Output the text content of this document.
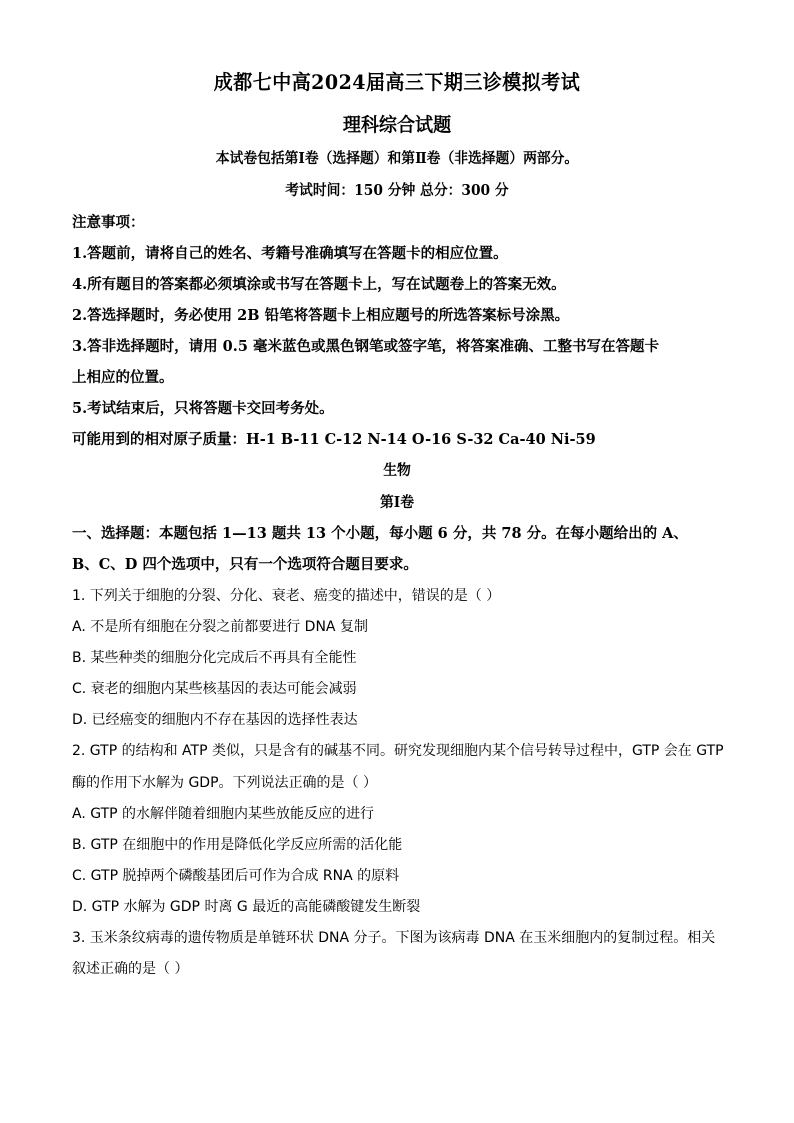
成都七中高2024届高三下期三诊模拟考试
理科综合试题
本试卷包括第Ⅰ卷（选择题）和第Ⅱ卷（非选择题）两部分。
考试时间：150 分钟 总分：300 分
注意事项：
1.答题前，请将自己的姓名、考籍号准确填写在答题卡的相应位置。
4.所有题目的答案都必须填涂或书写在答题卡上，写在试题卷上的答案无效。
2.答选择题时，务必使用 2B 铅笔将答题卡上相应题号的所选答案标号涂黑。
3.答非选择题时，请用 0.5 毫米蓝色或黑色钢笔或签字笔，将答案准确、工整书写在答题卡
上相应的位置。
5.考试结束后，只将答题卡交回考务处。
可能用到的相对原子质量：H-1 B-11 C-12 N-14 O-16 S-32 Ca-40 Ni-59
生物
第Ⅰ卷
一、选择题：本题包括 1—13 题共 13 个小题，每小题 6 分，共 78 分。在每小题给出的 A、
B、C、D 四个选项中，只有一个选项符合题目要求。
1. 下列关于细胞的分裂、分化、衰老、癌变的描述中，错误的是（ ）
A. 不是所有细胞在分裂之前都要进行 DNA 复制
B. 某些种类的细胞分化完成后不再具有全能性
C. 衰老的细胞内某些核基因的表达可能会减弱
D. 已经癌变的细胞内不存在基因的选择性表达
2. GTP 的结构和 ATP 类似，只是含有的碱基不同。研究发现细胞内某个信号转导过程中，GTP 会在 GTP
酶的作用下水解为 GDP。下列说法正确的是（ ）
A. GTP 的水解伴随着细胞内某些放能反应的进行
B. GTP 在细胞中的作用是降低化学反应所需的活化能
C. GTP 脱掉两个磷酸基团后可作为合成 RNA 的原料
D. GTP 水解为 GDP 时离 G 最近的高能磷酸键发生断裂
3. 玉米条纹病毒的遗传物质是单链环状 DNA 分子。下图为该病毒 DNA 在玉米细胞内的复制过程。相关
叙述正确的是（ ）
